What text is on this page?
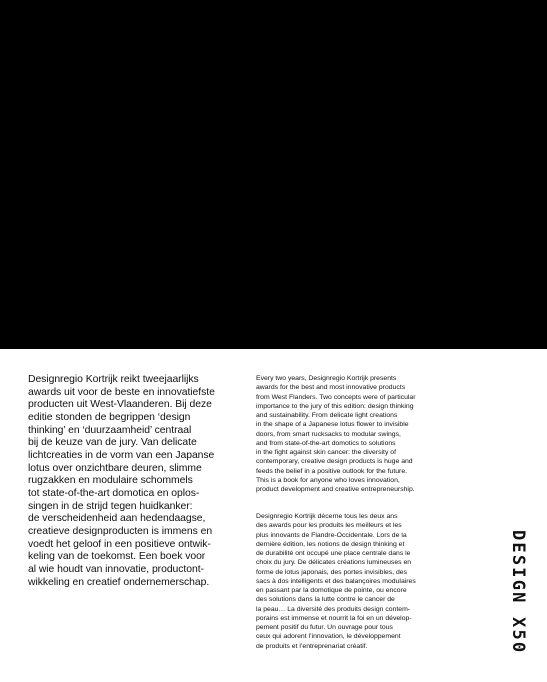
Designregio Kortrijk reikt tweejaarlijks
awards uit voor de beste en innovatiefste
producten uit West-Vlaanderen. Bij deze
editie stonden de begrippen ‘design
thinking’ en ‘duurzaamheid’ centraal
bij de keuze van de jury. Van delicate
lichtcreaties in de vorm van een Japanse
lotus over onzichtbare deuren, slimme
rugzakken en modulaire schommels
tot state-of-the-art domotica en oplos-
singen in de strijd tegen huidkanker:
de verscheidenheid aan hedendaagse,
creatieve designproducten is immens en
voedt het geloof in een positieve ontwik-
keling van de toekomst. Een boek voor
al wie houdt van innovatie, productont-
wikkeling en creatief ondernemerschap.
Every two years, Designregio Kortrijk presents
awards for the best and most innovative products
from West Flanders. Two concepts were of particular
importance to the jury of this edition: design thinking
and sustainability. From delicate light creations
in the shape of a Japanese lotus flower to invisible
doors, from smart rucksacks to modular swings,
and from state-of-the-art domotics to solutions
in the fight against skin cancer: the diversity of
contemporary, creative design products is huge and
feeds the belief in a positive outlook for the future.
This is a book for anyone who loves innovation,
product development and creative entrepreneurship.
Designregio Kortrijk décerne tous les deux ans
des awards pour les produits les meilleurs et les
plus innovants de Flandre-Occidentale. Lors de la
dernière édition, les notions de design thinking et
de durabilité ont occupé une place centrale dans le
choix du jury. De délicates créations lumineuses en
forme de lotus japonais, des portes invisibles, des
sacs à dos intelligents et des balançoires modulaires
en passant par la domotique de pointe, ou encore
des solutions dans la lutte contre le cancer de
la peau… La diversité des produits design contem-
porains est immense et nourrit la foi en un dévelop-
pement positif du futur. Un ouvrage pour tous
ceux qui adorent l’innovation, le développement
de produits et l’entreprenariat créatif.	DESIGN X50
